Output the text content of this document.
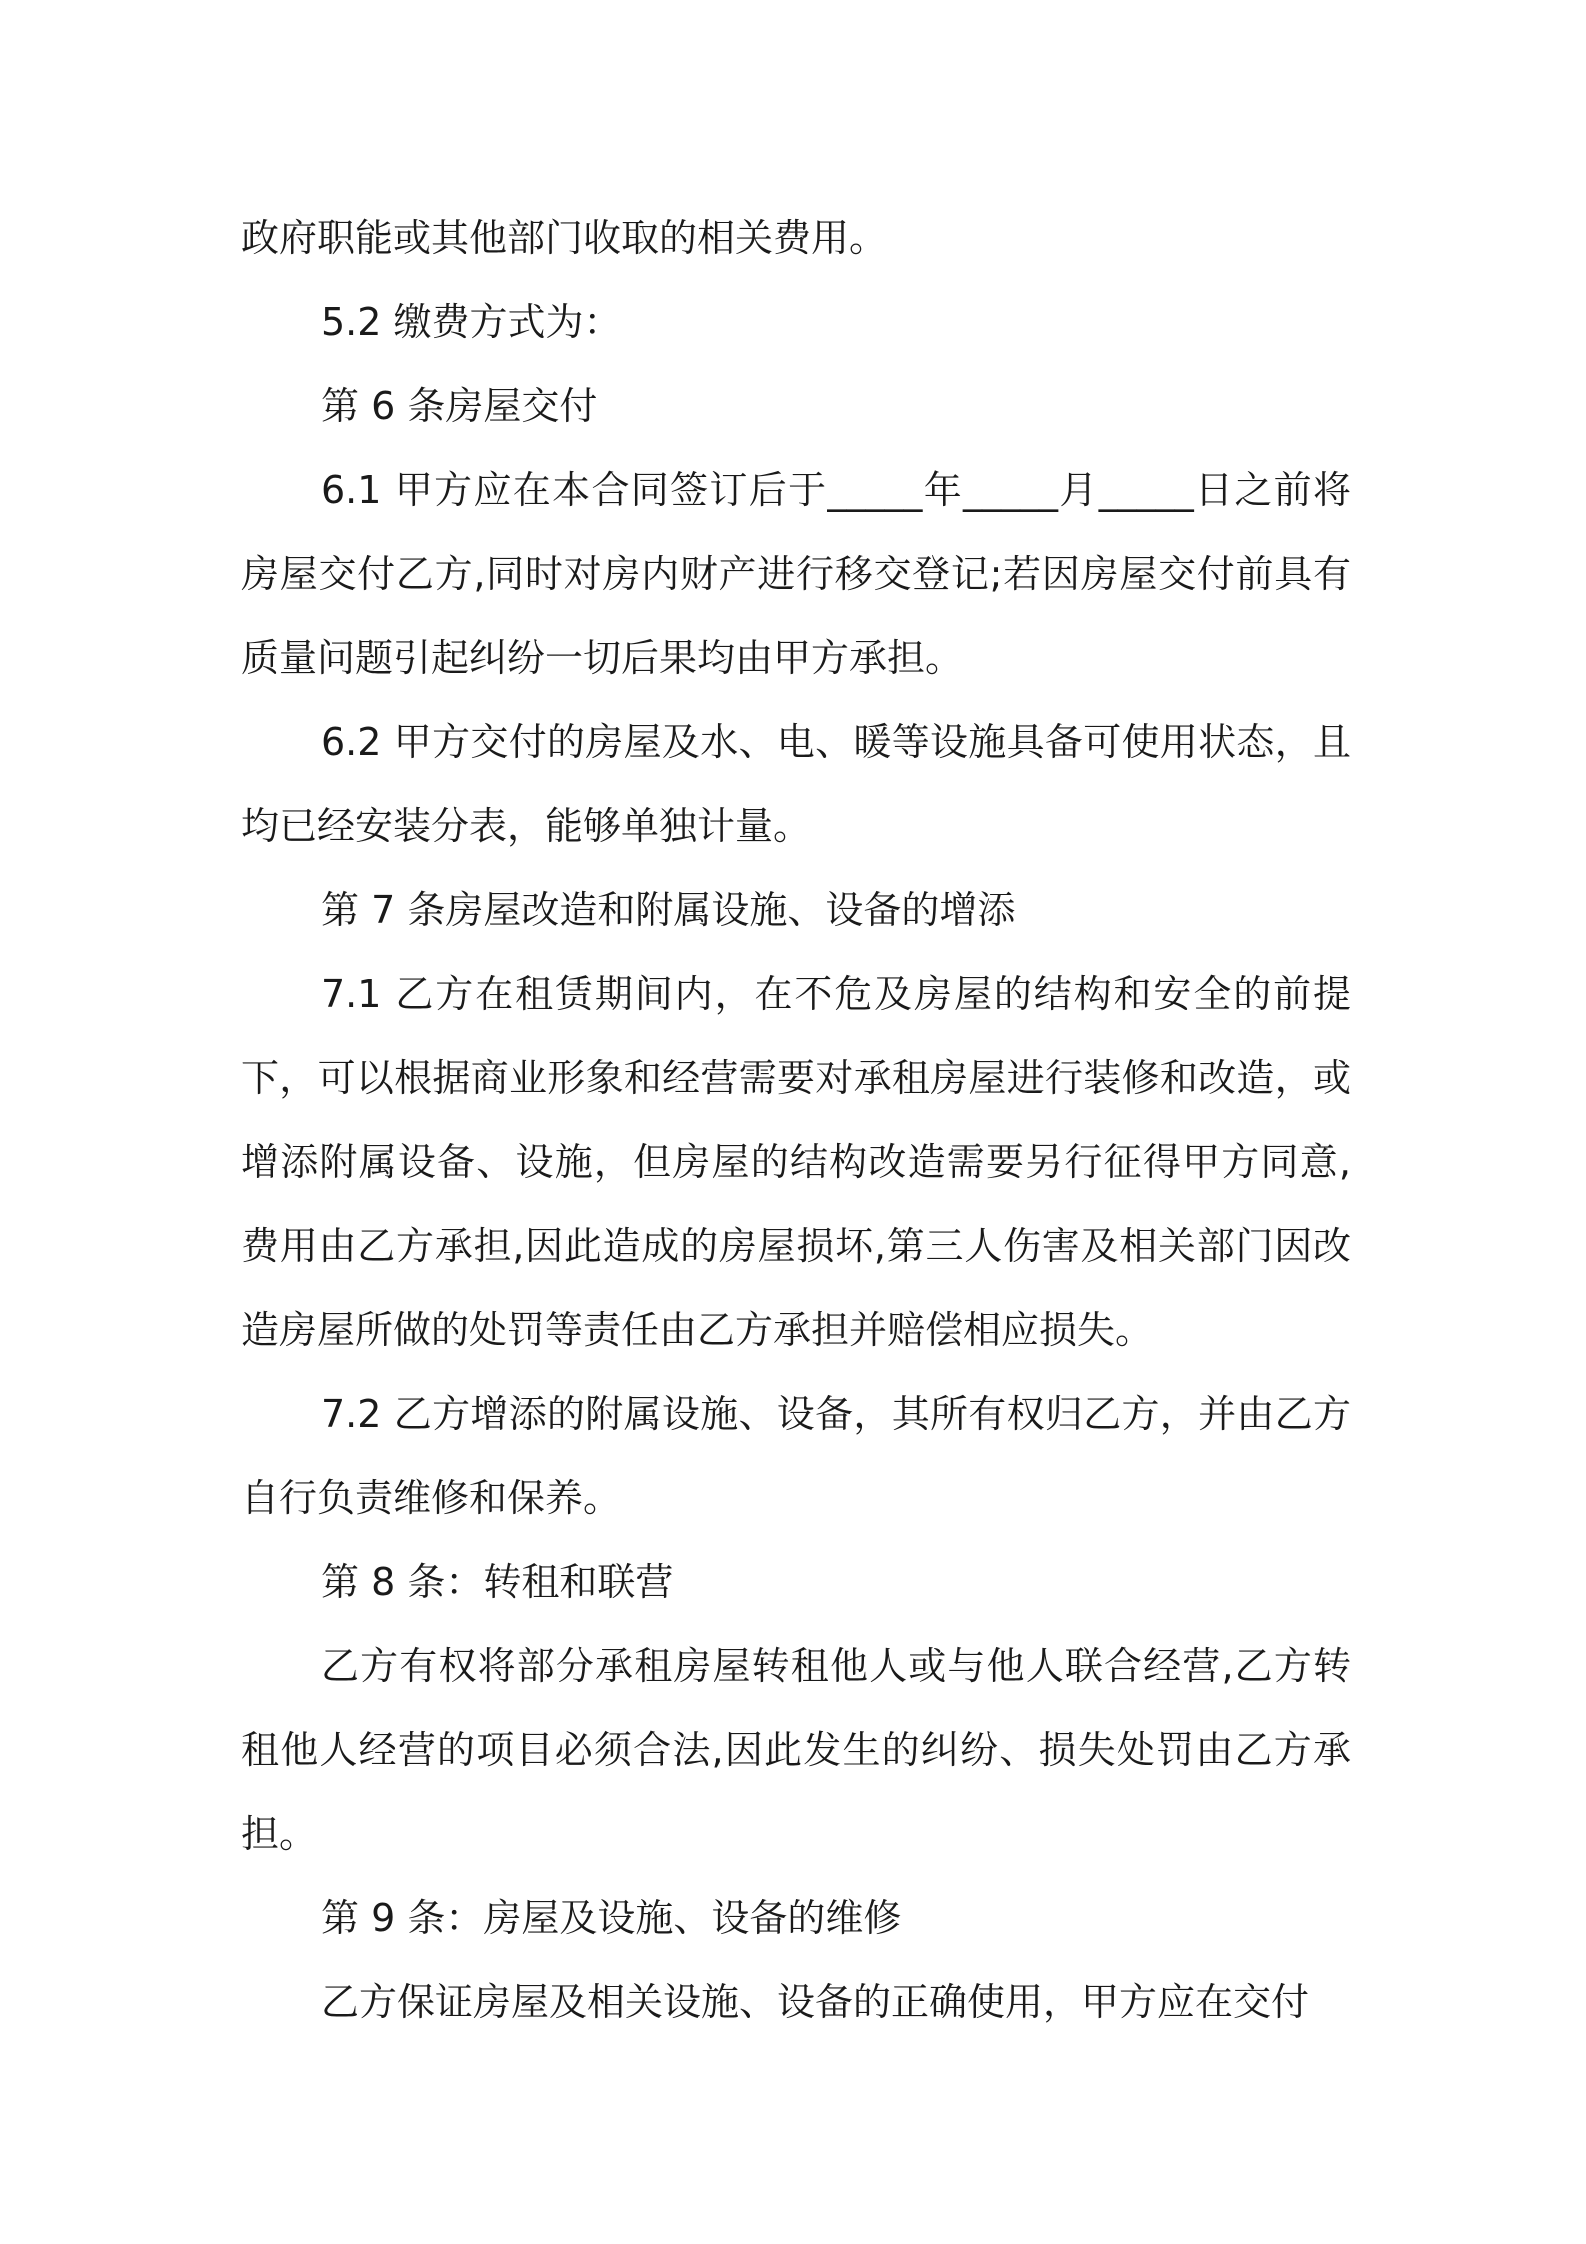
政府职能或其他部门收取的相关费用。

5.2 缴费方式为：

第 6 条房屋交付

6.1 甲方应在本合同签订后于_____年_____月_____日之前将房屋交付乙方,同时对房内财产进行移交登记;若因房屋交付前具有质量问题引起纠纷一切后果均由甲方承担。

6.2 甲方交付的房屋及水、电、暖等设施具备可使用状态，且均已经安装分表，能够单独计量。

第 7 条房屋改造和附属设施、设备的增添

7.1 乙方在租赁期间内，在不危及房屋的结构和安全的前提下，可以根据商业形象和经营需要对承租房屋进行装修和改造，或增添附属设备、设施，但房屋的结构改造需要另行征得甲方同意,费用由乙方承担,因此造成的房屋损坏,第三人伤害及相关部门因改造房屋所做的处罚等责任由乙方承担并赔偿相应损失。

7.2 乙方增添的附属设施、设备，其所有权归乙方，并由乙方自行负责维修和保养。

第 8 条：转租和联营

乙方有权将部分承租房屋转租他人或与他人联合经营,乙方转租他人经营的项目必须合法,因此发生的纠纷、损失处罚由乙方承担。

第 9 条：房屋及设施、设备的维修

乙方保证房屋及相关设施、设备的正确使用，甲方应在交付
